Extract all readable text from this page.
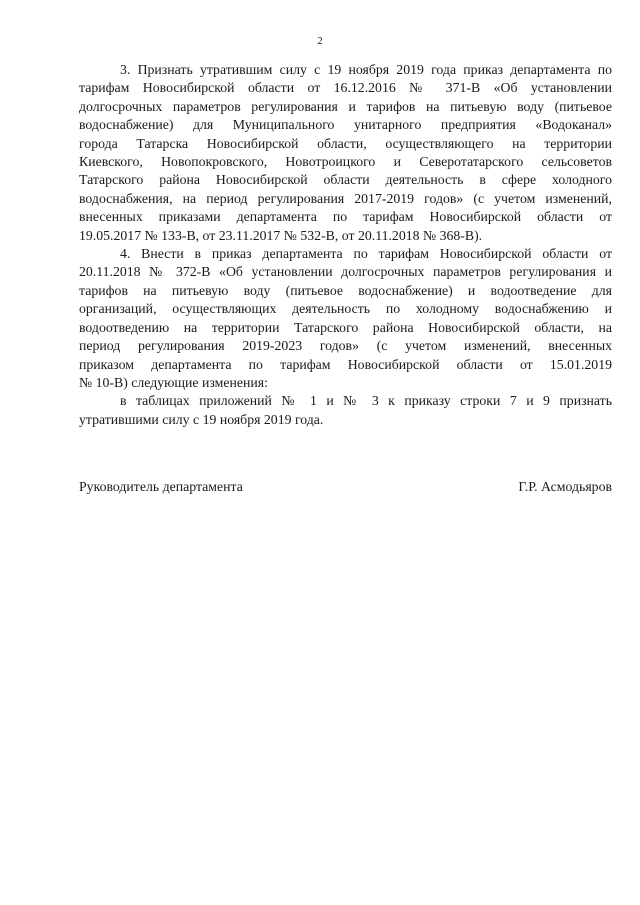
2

3. Признать утратившим силу с 19 ноября 2019 года приказ департамента по
тарифам Новосибирской области от 16.12.2016 № 371-В «Об установлении
долгосрочных параметров регулирования и тарифов на питьевую воду (питьевое
водоснабжение) для Муниципального унитарного предприятия «Водоканал»
города Татарска Новосибирской области, осуществляющего на территории
Киевского, Новопокровского, Новотроицкого и Северотатарского сельсоветов
Татарского района Новосибирской области деятельность в сфере холодного
водоснабжения, на период регулирования 2017-2019 годов» (с учетом изменений,
внесенных приказами департамента по тарифам Новосибирской области от
19.05.2017 № 133-В, от 23.11.2017 № 532-В, от 20.11.2018 № 368-В).

4. Внести в приказ департамента по тарифам Новосибирской области от
20.11.2018 № 372-В «Об установлении долгосрочных параметров регулирования и
тарифов на питьевую воду (питьевое водоснабжение) и водоотведение для
организаций, осуществляющих деятельность по холодному водоснабжению и
водоотведению на территории Татарского района Новосибирской области, на
период регулирования 2019-2023 годов» (с учетом изменений, внесенных
приказом департамента по тарифам Новосибирской области от 15.01.2019
№ 10-В) следующие изменения:

в таблицах приложений № 1 и № 3 к приказу строки 7 и 9 признать
утратившими силу с 19 ноября 2019 года.

Руководитель департамента	Г.Р. Асмодьяров
